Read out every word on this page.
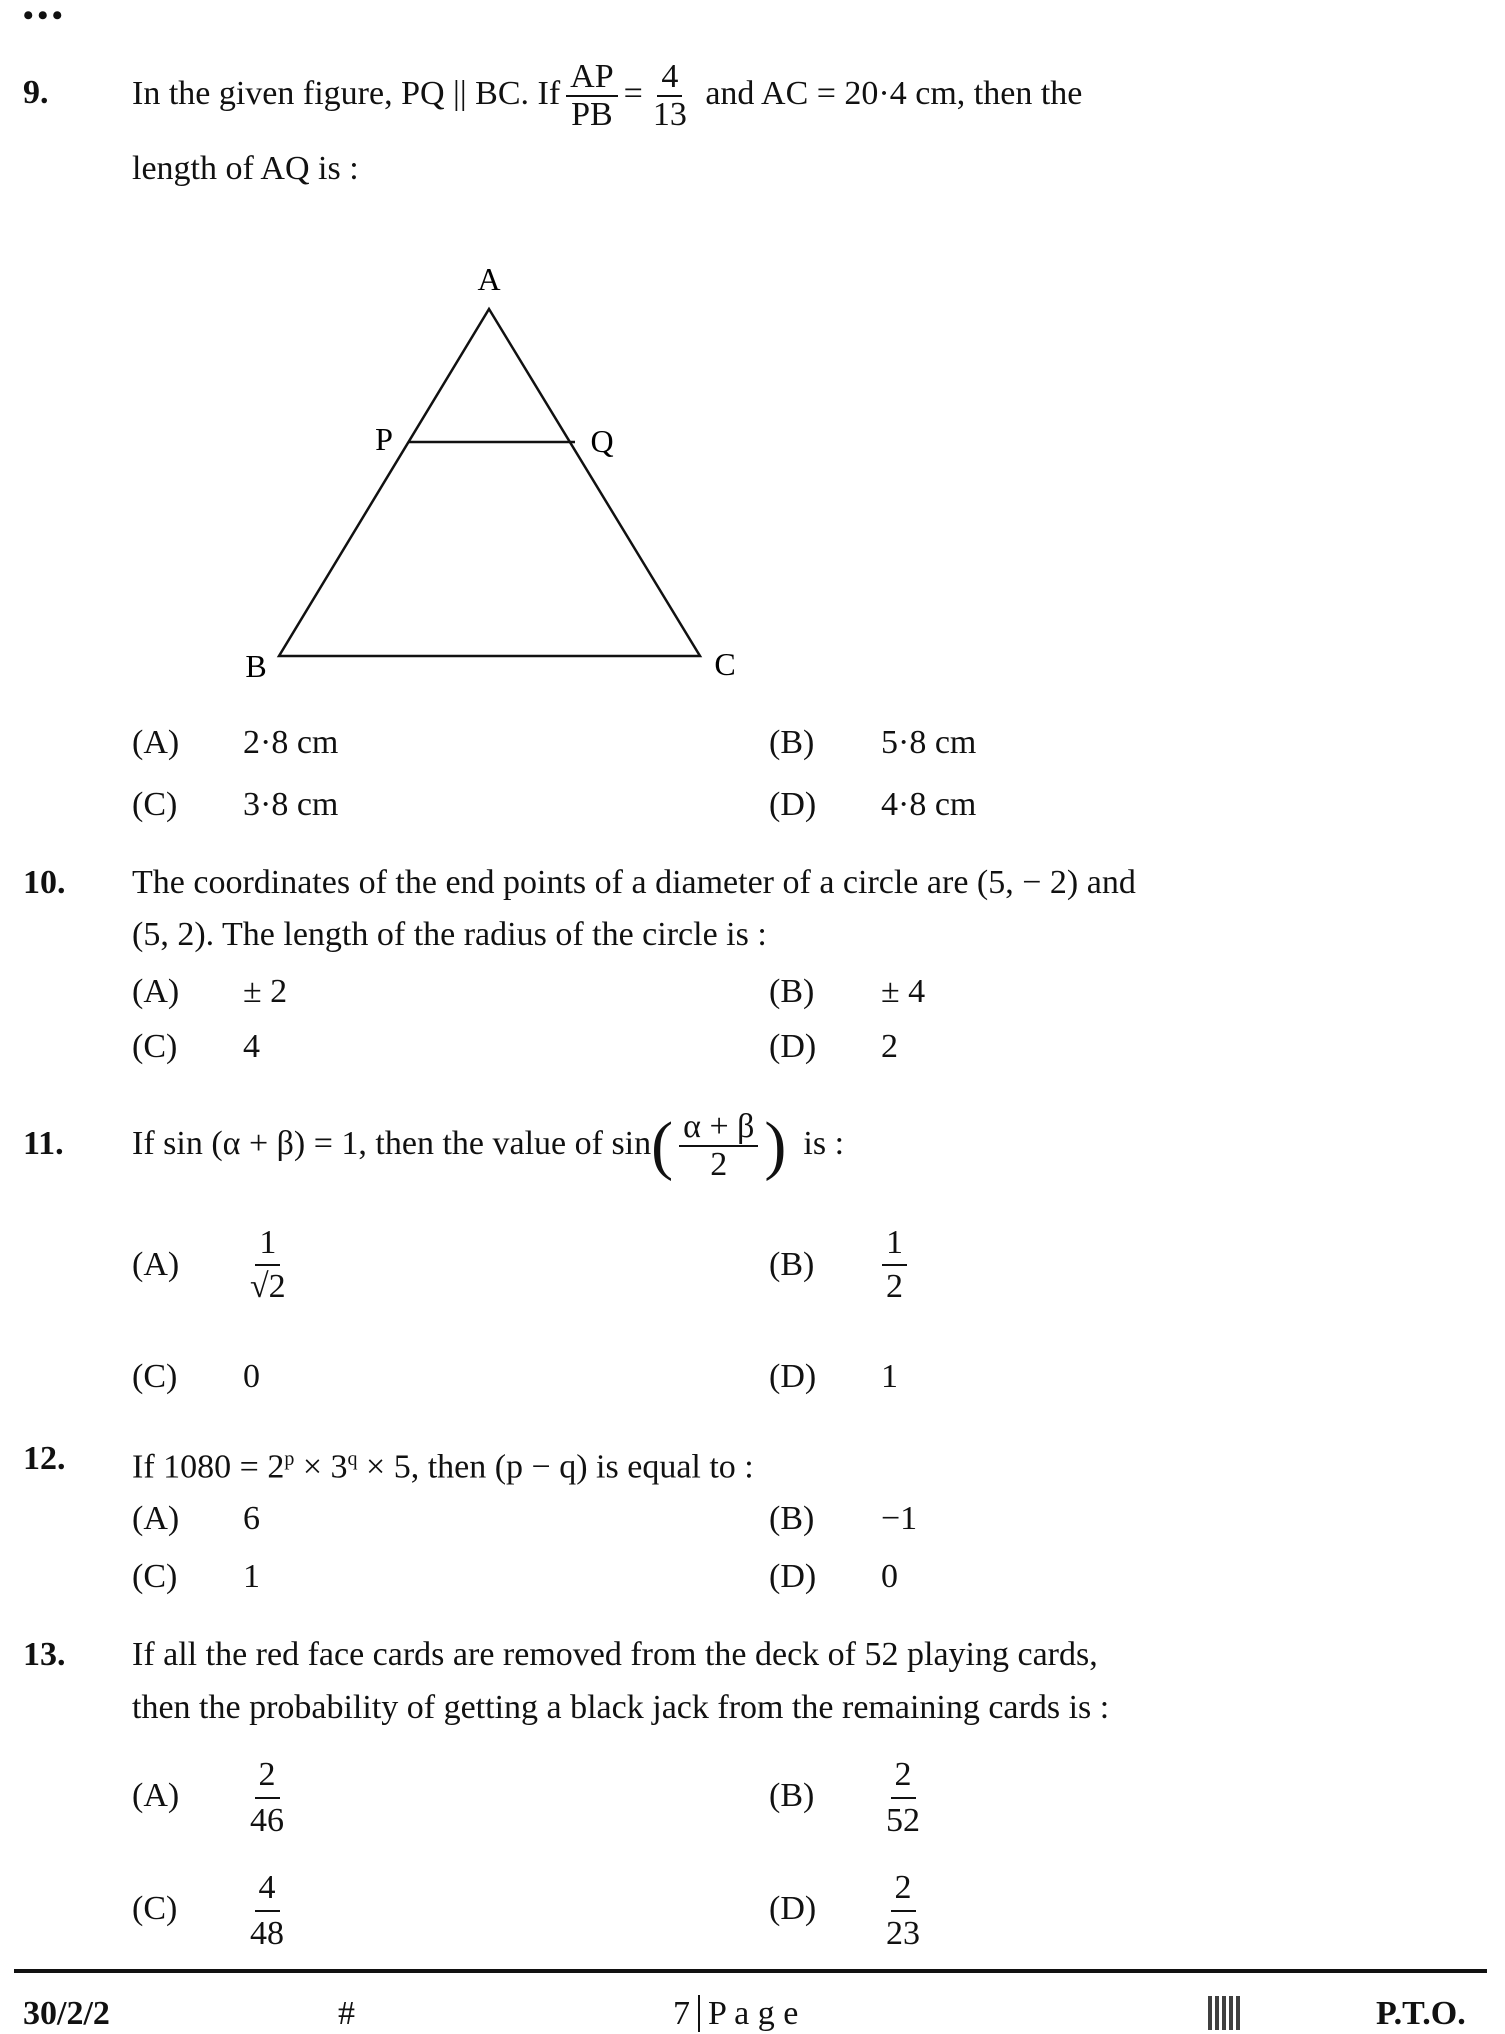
•••
9. In the given figure, PQ || BC. If $\frac{AP}{PB} = \frac{4}{13}$ and AC = 20·4 cm, then the
length of AQ is :
A
P	Q
B	C
(A) 2·8 cm	(B) 5·8 cm
(C) 3·8 cm	(D) 4·8 cm
10. The coordinates of the end points of a diameter of a circle are (5, − 2) and
(5, 2). The length of the radius of the circle is :
(A) ± 2	(B) ± 4
(C) 4	(D) 2
11. If sin (α + β) = 1, then the value of $\sin( \frac{\alpha + \beta}{2}$ ) is :
$(A) \frac{1}{√2}$	$(B) \frac{1}{2}$
(C) 0	(D) 1
12. If $1080 = 2^p \times 3^q \times 5$, then (p − q) is equal to :
(A) 6	(B) −1
(C) 1	(D) 0
13. If all the red face cards are removed from the deck of 52 playing cards,
then the probability of getting a black jack from the remaining cards is :
$(A) \frac{2}{46}$	$(B) \frac{2}{52}$
$(C) \frac{4}{48}$	$(D) \frac{2}{23}$
30/2/2	#	7 P a g e	P.T.O.
